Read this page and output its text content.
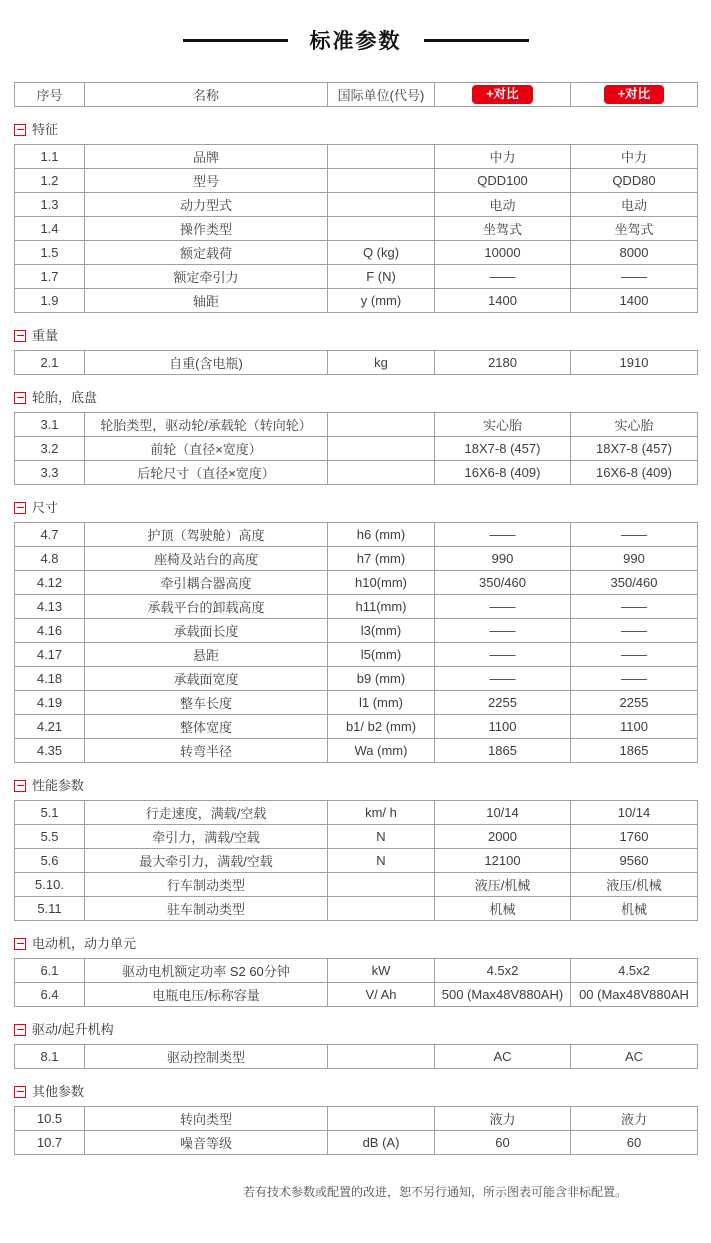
标准参数
序号	名称	国际单位(代号)	+对比	+对比
特征
1.1	品牌		中力	中力
1.2	型号		QDD100	QDD80
1.3	动力型式		电动	电动
1.4	操作类型		坐驾式	坐驾式
1.5	额定载荷	Q (kg)	10000	8000
1.7	额定牵引力	F (N)	——	——
1.9	轴距	y (mm)	1400	1400
重量
2.1	自重(含电瓶)	kg	2180	1910
轮胎，底盘
3.1	轮胎类型，驱动轮/承载轮（转向轮）		实心胎	实心胎
3.2	前轮（直径×宽度）		18X7-8 (457)	18X7-8 (457)
3.3	后轮尺寸（直径×宽度）		16X6-8 (409)	16X6-8 (409)
尺寸
4.7	护顶（驾驶舱）高度	h6 (mm)	——	——
4.8	座椅及站台的高度	h7 (mm)	990	990
4.12	牵引耦合器高度	h10(mm)	350/460	350/460
4.13	承载平台的卸载高度	h11(mm)	——	——
4.16	承载面长度	l3(mm)	——	——
4.17	悬距	l5(mm)	——	——
4.18	承载面宽度	b9 (mm)	——	——
4.19	整车长度	l1 (mm)	2255	2255
4.21	整体宽度	b1/ b2 (mm)	1100	1100
4.35	转弯半径	Wa (mm)	1865	1865
性能参数
5.1	行走速度，满载/空载	km/ h	10/14	10/14
5.5	牵引力，满载/空载	N	2000	1760
5.6	最大牵引力，满载/空载	N	12100	9560
5.10.	行车制动类型		液压/机械	液压/机械
5.11	驻车制动类型		机械	机械
电动机，动力单元
6.1	驱动电机额定功率 S2 60分钟	kW	4.5x2	4.5x2
6.4	电瓶电压/标称容量	V/ Ah	500 (Max48V880AH)	00 (Max48V880AH
驱动/起升机构
8.1	驱动控制类型		AC	AC
其他参数
10.5	转向类型		液力	液力
10.7	噪音等级	dB (A)	60	60
若有技术参数或配置的改进，恕不另行通知，所示图表可能含非标配置。
